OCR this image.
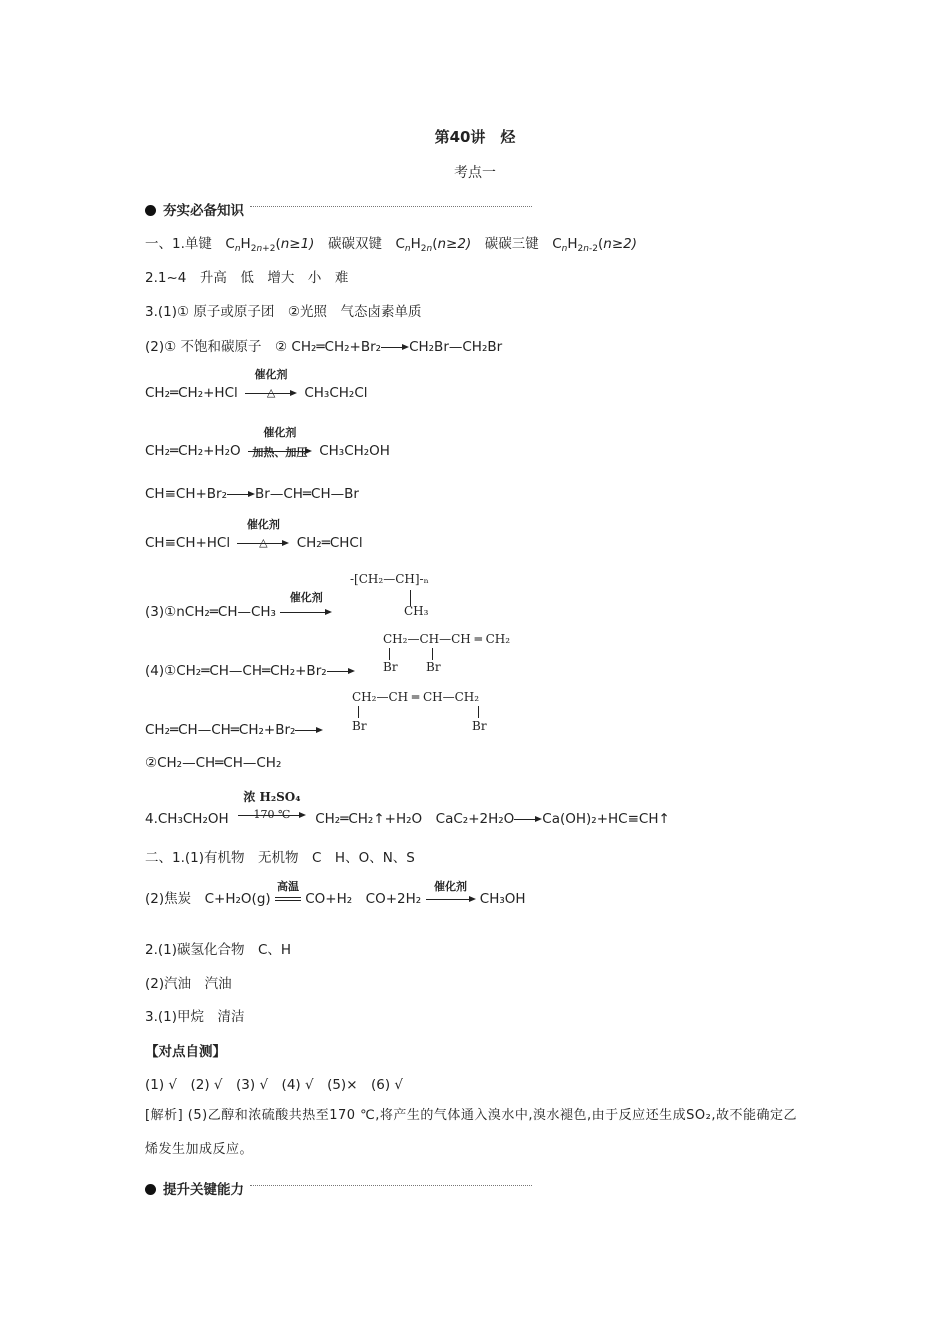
第40讲　烃
考点一
夯实必备知识
一、1.单键　$C_nH_{2n+2}(n\ge 1)$　 碳碳双键　$C_nH_{2n}(n\ge 2)$　 碳碳三键　$C_nH_{2n-2}(n\ge 2)$
2.1~4　升高　低　增大　小　难
3.(1)① 原子或原子团　②光照　气态卤素单质
(2)① 不饱和碳原子　② CH₂═CH₂+Br₂ CH₂Br—CH₂Br
CH₂═CH₂+HCl
催化剂
△	CH₃CH₂Cl
CH₂═CH₂+H₂O
催化剂
加热、加压 CH₃CH₂OH
CH≡CH+Br₂ Br—CH═CH—Br
CH≡CH+HCl
催化剂
△	CH₂═CHCl
(3)①nCH₂═CH—CH₃
催化剂
-[CH₂—CH]-ₙ
CH₃
(4)①CH₂═CH—CH═CH₂+Br₂
CH₂—CH—CH ═ CH₂
Br Br
CH₂═CH—CH═CH₂+Br₂
CH₂—CH ═ CH—CH₂
Br	Br
②CH₂—CH═CH—CH₂
4.CH₃CH₂OH
浓 H₂SO₄
170 ℃	CH₂═CH₂↑+H₂O　CaC₂+2H₂O Ca(OH)₂+HC≡CH↑
二、1.(1)有机物　无机物　C　H、O、N、S
(2)焦炭　C+H₂O(g)
高温
CO+H₂　CO+2H₂
催化剂
CH₃OH
2.(1)碳氢化合物　C、H
(2)汽油　汽油
3.(1)甲烷　清洁
【对点自测】
(1) √　(2) √　(3) √　(4) √　(5)×　(6) √
[解析] (5)乙醇和浓硫酸共热至170 ℃,将产生的气体通入溴水中,溴水褪色,由于反应还生成SO₂,故不能确定乙烯发生加成反应。
提升关键能力
